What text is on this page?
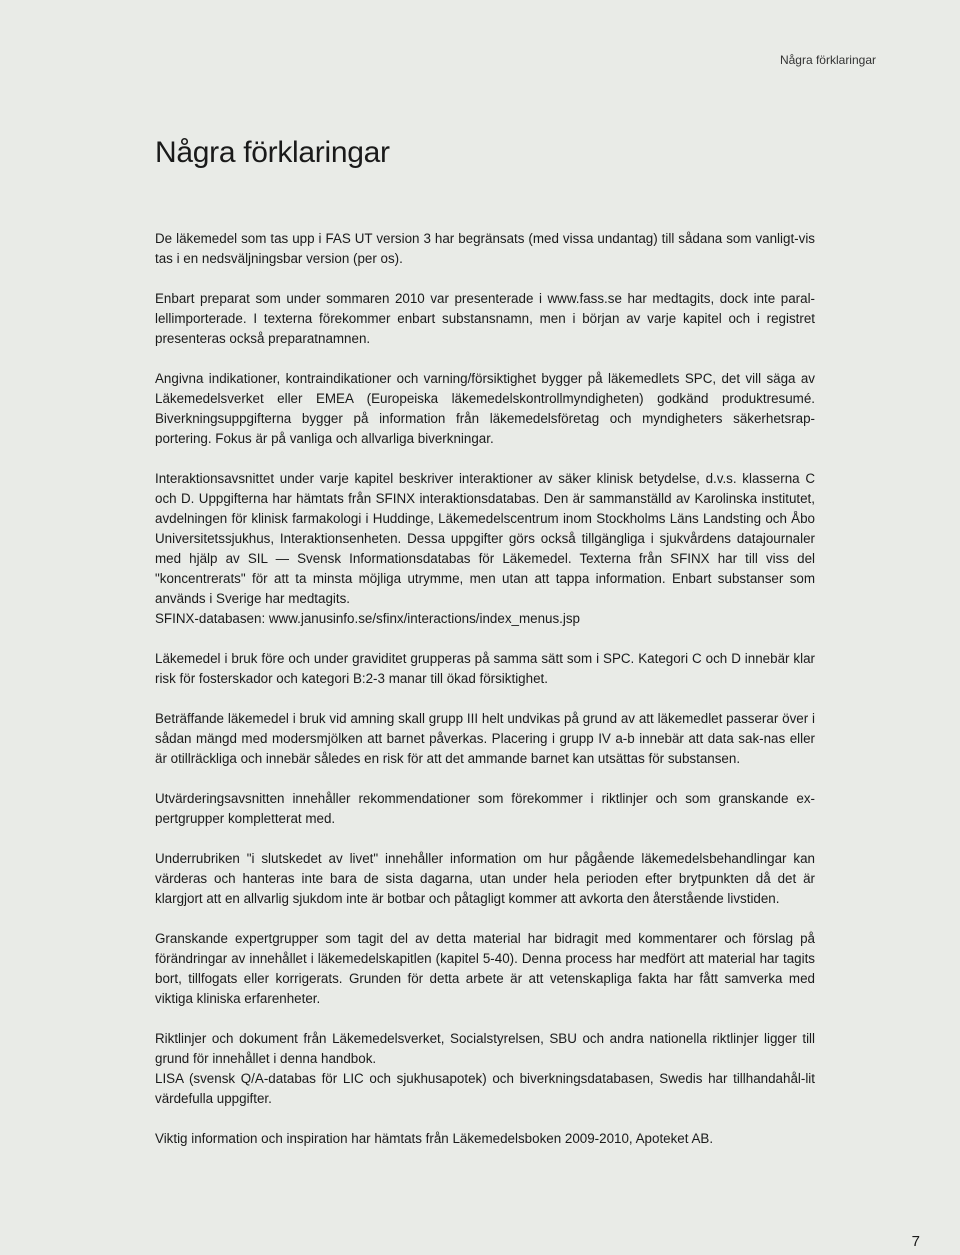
Några förklaringar
Några förklaringar

De läkemedel som tas upp i FAS UT version 3 har begränsats (med vissa undantag) till sådana som vanligt-vis tas i en nedsväljningsbar version (per os).

Enbart preparat som under sommaren 2010 var presenterade i www.fass.se har medtagits, dock inte paral-lellimporterade. I texterna förekommer enbart substansnamn, men i början av varje kapitel och i registret presenteras också preparatnamnen.

Angivna indikationer, kontraindikationer och varning/försiktighet bygger på läkemedlets SPC, det vill säga av Läkemedelsverket eller EMEA (Europeiska läkemedelskontrollmyndigheten) godkänd produktresumé. Biverkningsuppgifterna bygger på information från läkemedelsföretag och myndigheters säkerhetsrap-portering. Fokus är på vanliga och allvarliga biverkningar.

Interaktionsavsnittet under varje kapitel beskriver interaktioner av säker klinisk betydelse, d.v.s. klasserna C och D. Uppgifterna har hämtats från SFINX interaktionsdatabas. Den är sammanställd av Karolinska institutet, avdelningen för klinisk farmakologi i Huddinge, Läkemedelscentrum inom Stockholms Läns Landsting och Åbo Universitetssjukhus, Interaktionsenheten. Dessa uppgifter görs också tillgängliga i sjukvårdens datajournaler med hjälp av SIL — Svensk Informationsdatabas för Läkemedel. Texterna från SFINX har till viss del "koncentrerats" för att ta minsta möjliga utrymme, men utan att tappa information. Enbart substanser som används i Sverige har medtagits.
SFINX-databasen: www.janusinfo.se/sfinx/interactions/index_menus.jsp

Läkemedel i bruk före och under graviditet grupperas på samma sätt som i SPC. Kategori C och D innebär klar risk för fosterskador och kategori B:2-3 manar till ökad försiktighet.

Beträffande läkemedel i bruk vid amning skall grupp III helt undvikas på grund av att läkemedlet passerar över i sådan mängd med modersmjölken att barnet påverkas. Placering i grupp IV a-b innebär att data sak-nas eller är otillräckliga och innebär således en risk för att det ammande barnet kan utsättas för substansen.

Utvärderingsavsnitten innehåller rekommendationer som förekommer i riktlinjer och som granskande ex-pertgrupper kompletterat med.

Underrubriken "i slutskedet av livet" innehåller information om hur pågående läkemedelsbehandlingar kan värderas och hanteras inte bara de sista dagarna, utan under hela perioden efter brytpunkten då det är klargjort att en allvarlig sjukdom inte är botbar och påtagligt kommer att avkorta den återstående livstiden.

Granskande expertgrupper som tagit del av detta material har bidragit med kommentarer och förslag på förändringar av innehållet i läkemedelskapitlen (kapitel 5-40). Denna process har medfört att material har tagits bort, tillfogats eller korrigerats. Grunden för detta arbete är att vetenskapliga fakta har fått samverka med viktiga kliniska erfarenheter.

Riktlinjer och dokument från Läkemedelsverket, Socialstyrelsen, SBU och andra nationella riktlinjer ligger till grund för innehållet i denna handbok.
LISA (svensk Q/A-databas för LIC och sjukhusapotek) och biverkningsdatabasen, Swedis har tillhandahål-lit värdefulla uppgifter.

Viktig information och inspiration har hämtats från Läkemedelsboken 2009-2010, Apoteket AB.

7
